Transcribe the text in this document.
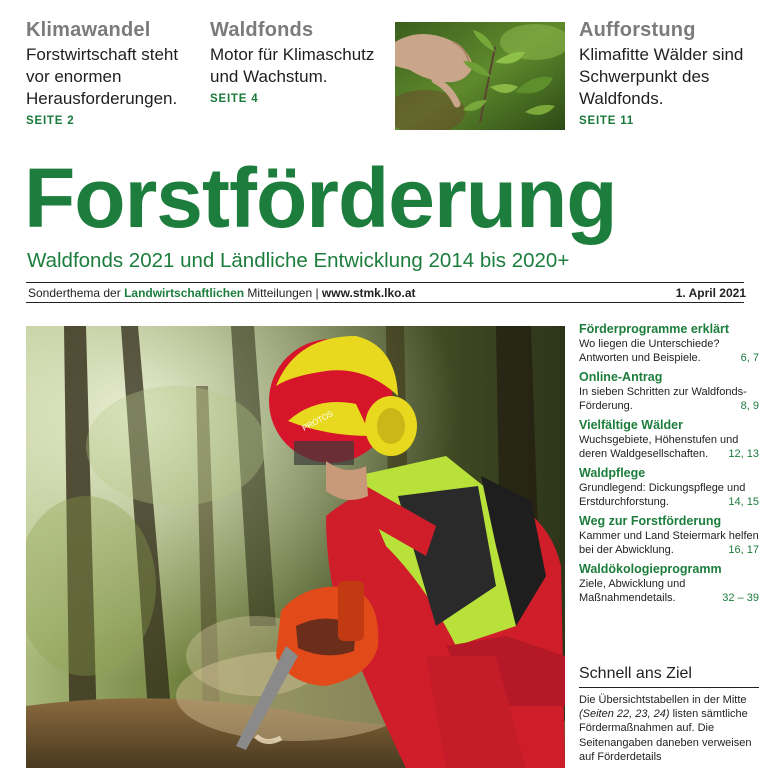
Klimawandel

Forstwirtschaft steht vor enormen Herausforderungen.

SEITE 2
Waldfonds

Motor für Klimaschutz und Wachstum.

SEITE 4
Aufforstung

Klimafitte Wälder sind Schwerpunkt des Waldfonds.

SEITE 11
Forstförderung
Waldfonds 2021 und Ländliche Entwicklung 2014 bis 2020+
Sonderthema der Landwirtschaftlichen Mitteilungen | www.stmk.lko.at	1. April 2021
PROTOS
Förderprogramme erklärt
Wo liegen die Unterschiede? Antworten und Beispiele.	6, 7
Online-Antrag
In sieben Schritten zur Waldfonds-Förderung.	8, 9
Vielfältige Wälder
Wuchsgebiete, Höhenstufen und deren Waldgesellschaften. 12, 13
Waldpflege
Grundlegend: Dickungspflege und Erstdurchforstung.	14, 15
Weg zur Forstförderung
Kammer und Land Steiermark helfen bei der Abwicklung.	16, 17
Waldökologieprogramm
Ziele, Abwicklung und Maßnahmendetails.	32 – 39
Schnell ans Ziel

Die Übersichtstabellen in der Mitte (Seiten 22, 23, 24) listen sämtliche Fördermaßnahmen auf. Die Seitenangaben daneben verweisen auf Förderdetails
